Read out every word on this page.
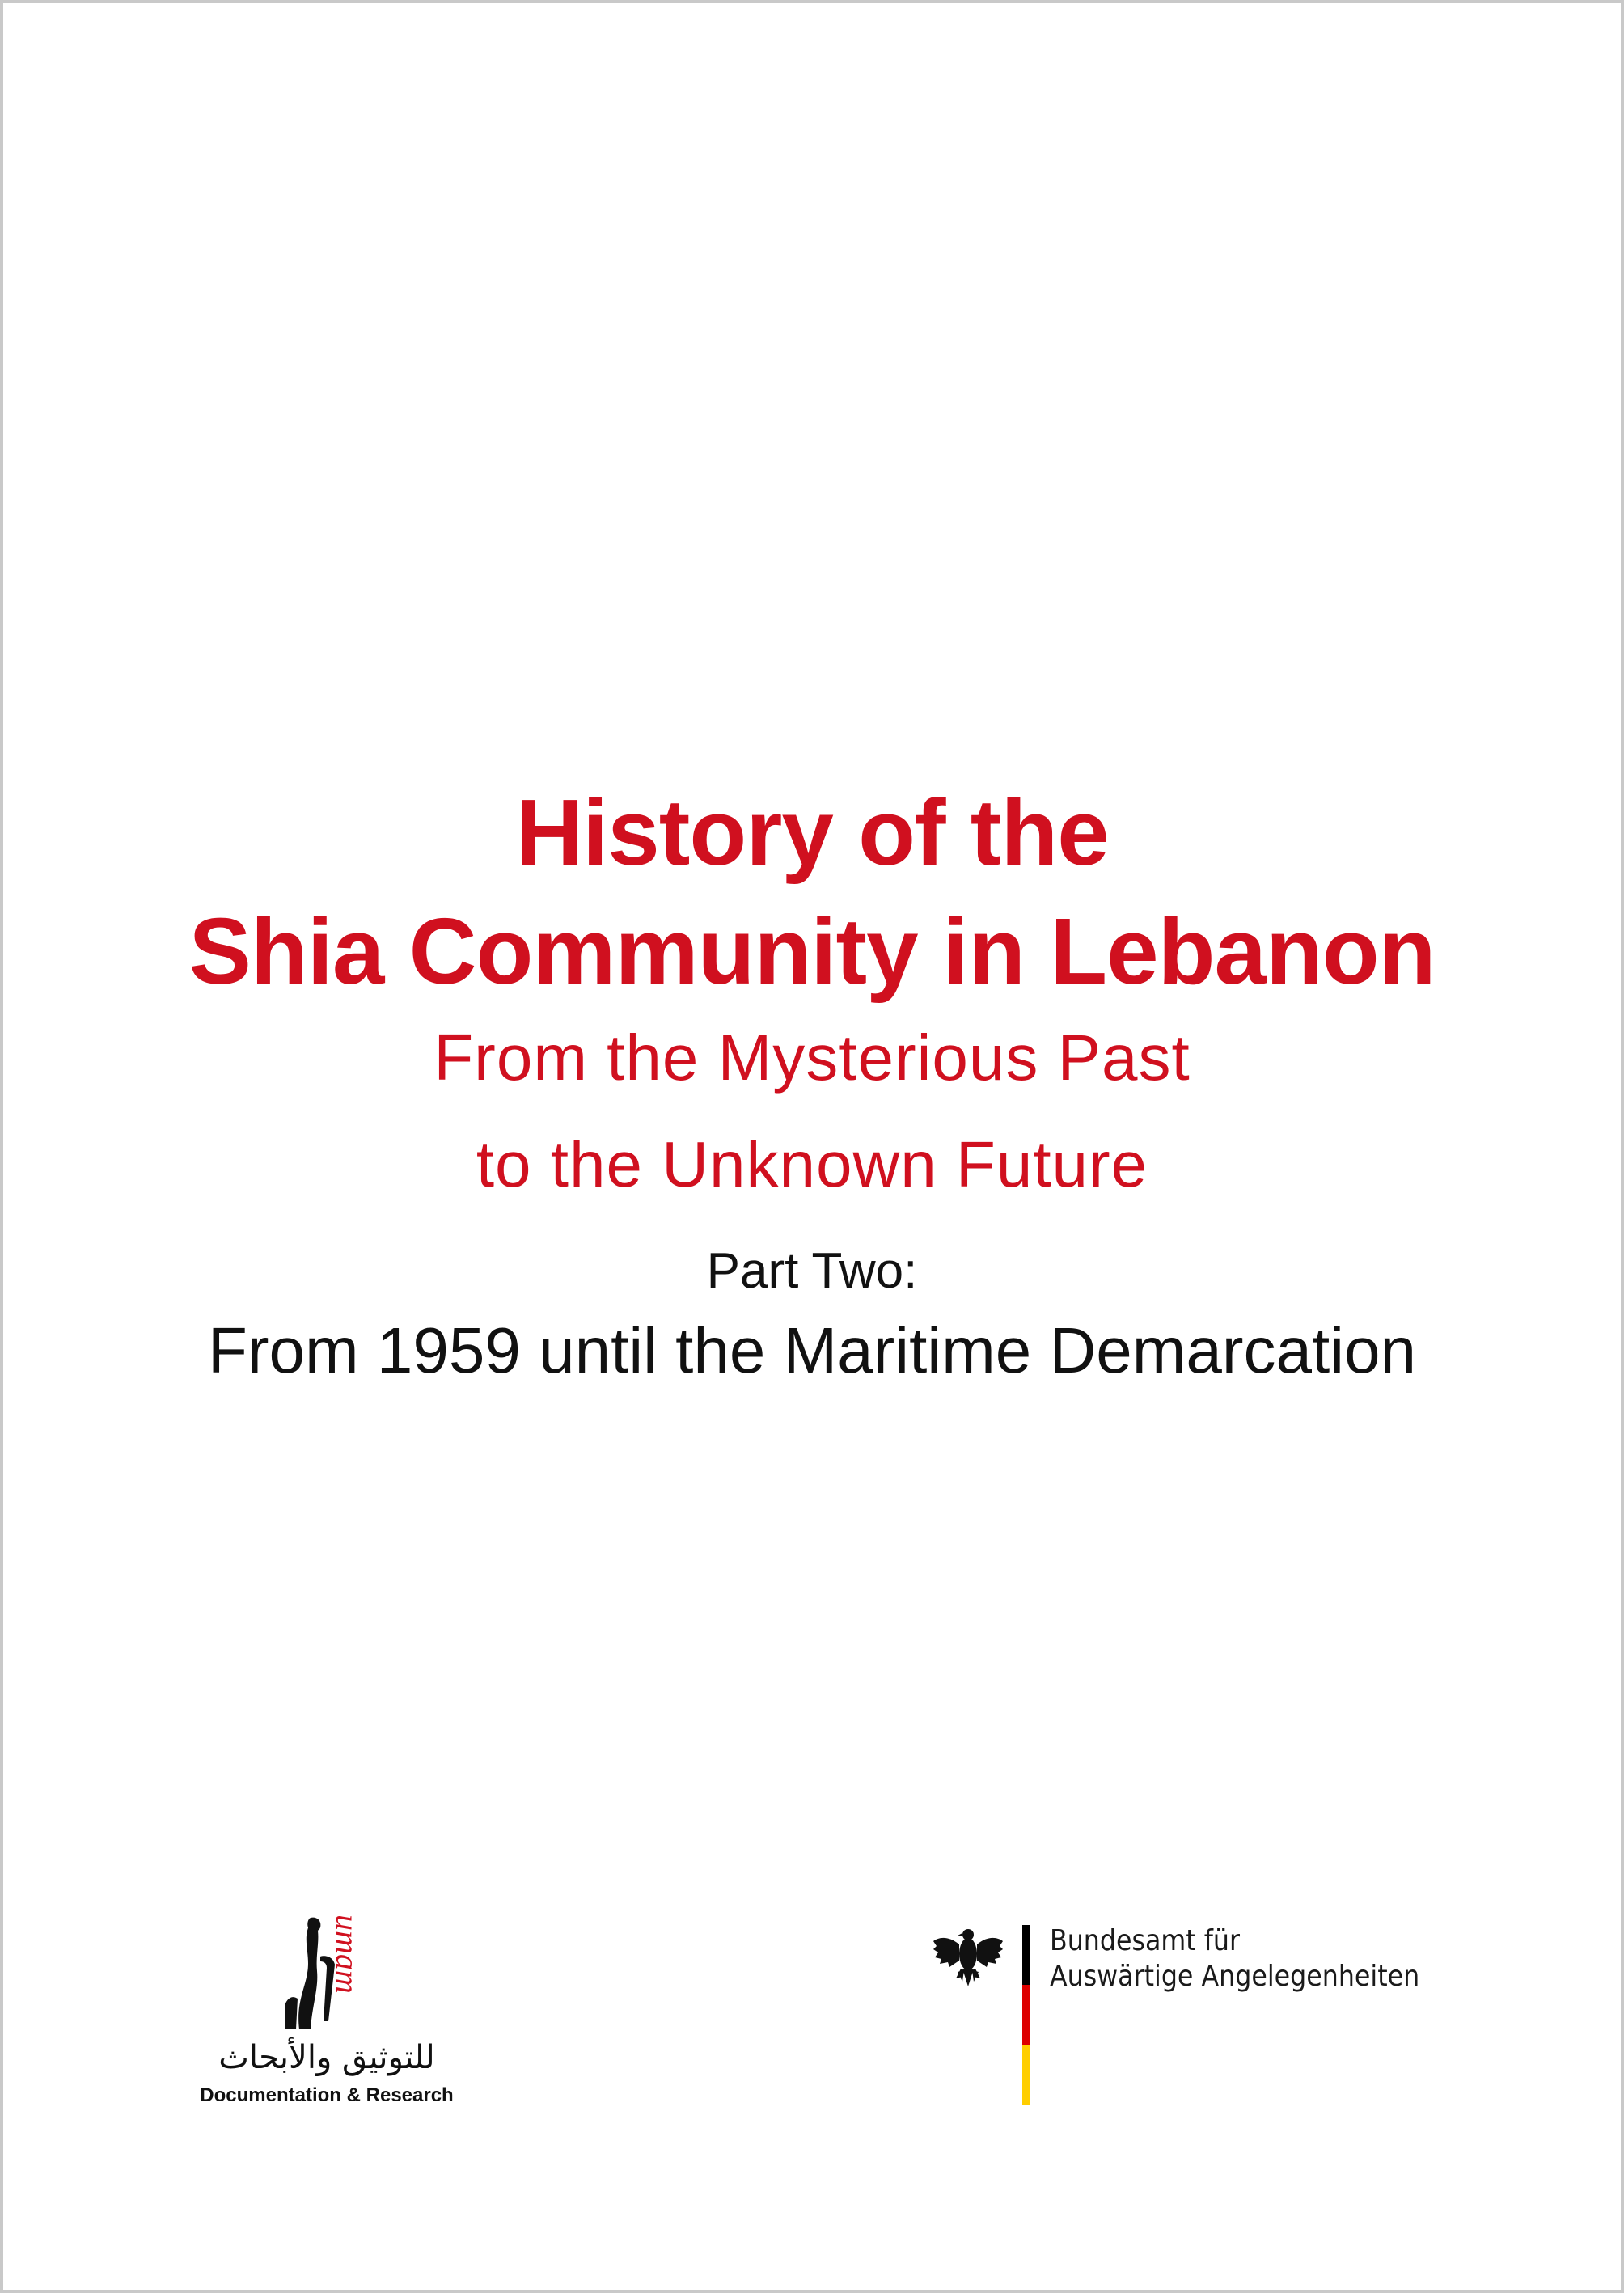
History of the
Shia Community in Lebanon
From the Mysterious Past
to the Unknown Future
Part Two:
From 1959 until the Maritime Demarcation
umam
للتوثيق والأبحاث
Documentation & Research
Bundesamt für
Auswärtige Angelegenheiten
